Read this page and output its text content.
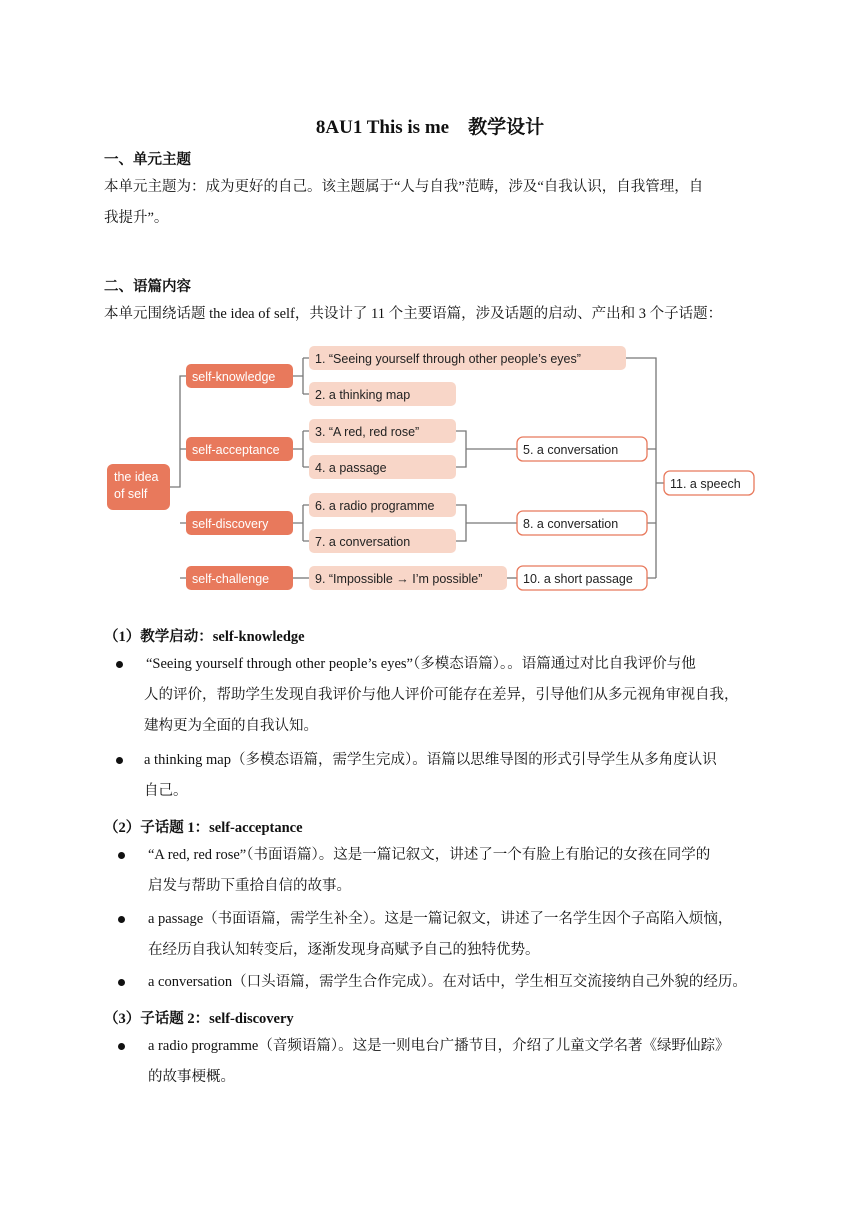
8AU1 This is me　教学设计
一、单元主题
本单元主题为：成为更好的自己。该主题属于“人与自我”范畴，涉及“自我认识，自我管理，自
我提升”。
二、语篇内容
本单元围绕话题 the idea of self，共设计了 11 个主要语篇，涉及话题的启动、产出和 3 个子话题：
the idea
of self
self-knowledge
self-acceptance
self-discovery
self-challenge
1. “Seeing yourself through other people’s eyes”
2. a thinking map
3. “A red, red rose”
4. a passage
6. a radio programme
7. a conversation
9. “Impossible → I’m possible”
5. a conversation
8. a conversation
10. a short passage
11. a speech
（1）教学启动：self-knowledge
“Seeing yourself through other people’s eyes”（多模态语篇）。。语篇通过对比自我评价与他
人的评价，帮助学生发现自我评价与他人评价可能存在差异，引导他们从多元视角审视自我，
建构更为全面的自我认知。
a thinking map（多模态语篇，需学生完成）。语篇以思维导图的形式引导学生从多角度认识
自己。
（2）子话题 1：self-acceptance
“A red, red rose”（书面语篇）。这是一篇记叙文，讲述了一个有脸上有胎记的女孩在同学的
启发与帮助下重拾自信的故事。
a passage（书面语篇，需学生补全）。这是一篇记叙文，讲述了一名学生因个子高陷入烦恼，
在经历自我认知转变后，逐渐发现身高赋予自己的独特优势。
a conversation（口头语篇，需学生合作完成）。在对话中，学生相互交流接纳自己外貌的经历。
（3）子话题 2：self-discovery
a radio programme（音频语篇）。这是一则电台广播节目，介绍了儿童文学名著《绿野仙踪》
的故事梗概。
